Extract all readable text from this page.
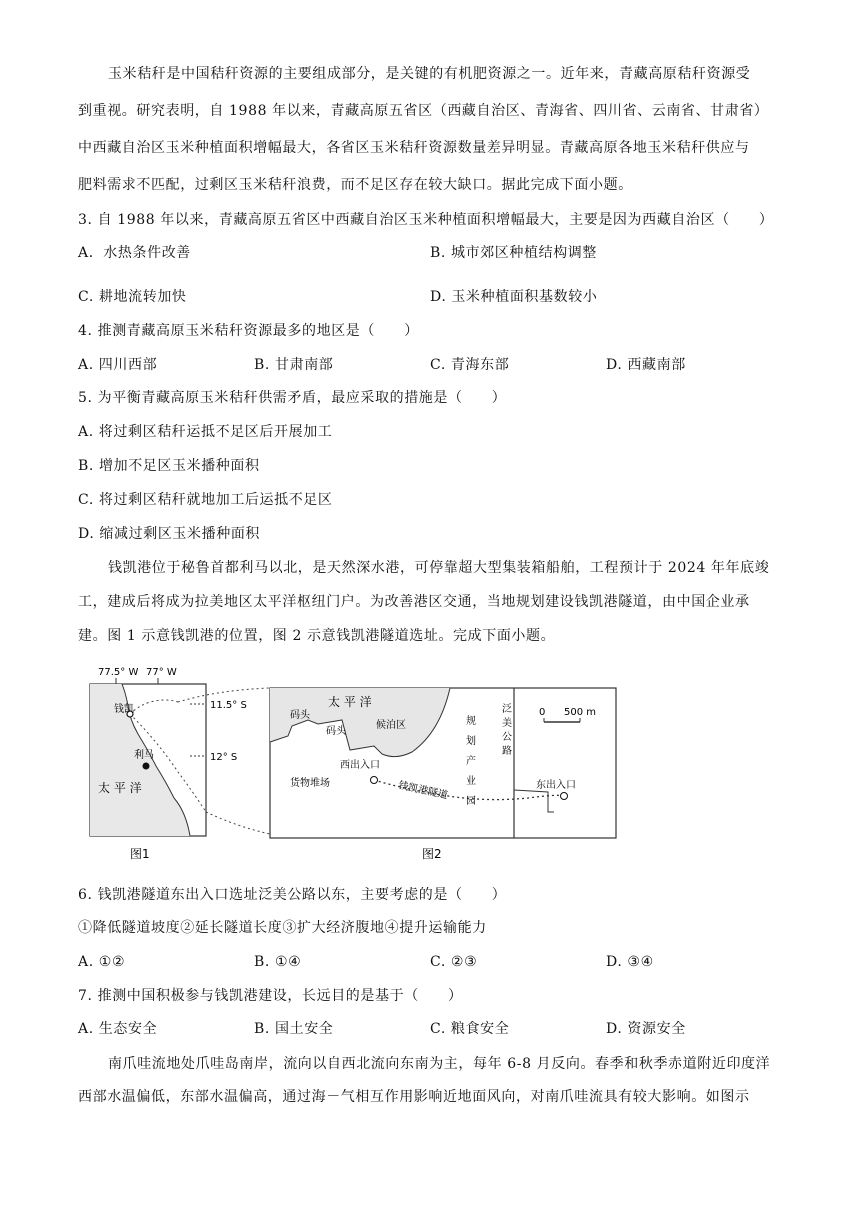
玉米秸秆是中国秸秆资源的主要组成部分，是关键的有机肥资源之一。近年来，青藏高原秸秆资源受
到重视。研究表明，自 1988 年以来，青藏高原五省区（西藏自治区、青海省、四川省、云南省、甘肃省）
中西藏自治区玉米种植面积增幅最大，各省区玉米秸秆资源数量差异明显。青藏高原各地玉米秸秆供应与
肥料需求不匹配，过剩区玉米秸秆浪费，而不足区存在较大缺口。据此完成下面小题。
3. 自 1988 年以来，青藏高原五省区中西藏自治区玉米种植面积增幅最大，主要是因为西藏自治区（　　）
A．水热条件改善	B. 城市郊区种植结构调整
C. 耕地流转加快	D. 玉米种植面积基数较小
4. 推测青藏高原玉米秸秆资源最多的地区是（　　）
A. 四川西部	B. 甘肃南部	C. 青海东部	D. 西藏南部
5. 为平衡青藏高原玉米秸秆供需矛盾，最应采取的措施是（　　）
A. 将过剩区秸秆运抵不足区后开展加工
B. 增加不足区玉米播种面积
C. 将过剩区秸秆就地加工后运抵不足区
D. 缩减过剩区玉米播种面积
钱凯港位于秘鲁首都利马以北，是天然深水港，可停靠超大型集装箱船舶，工程预计于 2024 年年底竣
工，建成后将成为拉美地区太平洋枢纽门户。为改善港区交通，当地规划建设钱凯港隧道，由中国企业承
建。图 1 示意钱凯港的位置，图 2 示意钱凯港隧道选址。完成下面小题。
77.5° W 77° W
11.5° S
12° S
钱凯
利马
太 平 洋
图1
太 平 洋
码头
码头
候泊区
西出入口
货物堆场	钱凯港隧道	东出入口
0 500 m
规
划
产
业
园
泛
美
公
路
图2
6. 钱凯港隧道东出入口选址泛美公路以东，主要考虑的是（　　）
①降低隧道坡度②延长隧道长度③扩大经济腹地④提升运输能力
A. ①②	B. ①④	C. ②③	D. ③④
7. 推测中国积极参与钱凯港建设，长远目的是基于（　　）
A. 生态安全	B. 国土安全	C. 粮食安全	D. 资源安全
南爪哇流地处爪哇岛南岸，流向以自西北流向东南为主，每年 6-8 月反向。春季和秋季赤道附近印度洋
西部水温偏低，东部水温偏高，通过海－气相互作用影响近地面风向，对南爪哇流具有较大影响。如图示
